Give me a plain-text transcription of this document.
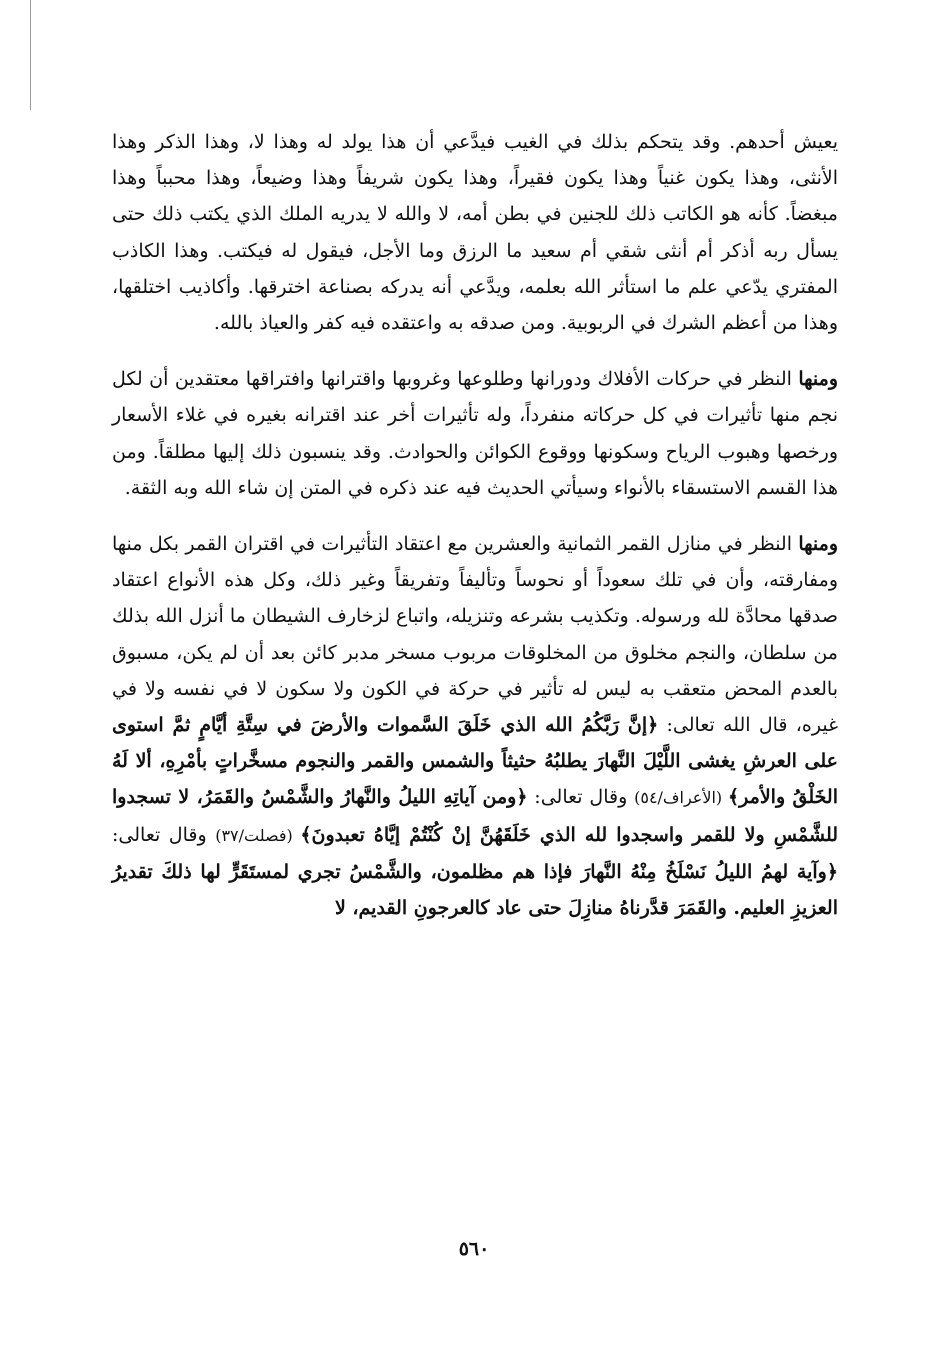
يعيش أحدهم. وقد يتحكم بذلك في الغيب فيدَّعي أن هذا يولد له وهذا لا، وهذا الذكر وهذا الأنثى، وهذا يكون غنياً وهذا يكون فقيراً، وهذا يكون شريفاً وهذا وضيعاً، وهذا محبباً وهذا مبغضاً. كأنه هو الكاتب ذلك للجنين في بطن أمه، لا والله لا يدريه الملك الذي يكتب ذلك حتى يسأل ربه أذكر أم أنثى شقي أم سعيد ما الرزق وما الأجل، فيقول له فيكتب. وهذا الكاذب المفتري يدّعي علم ما استأثر الله بعلمه، ويدَّعي أنه يدركه بصناعة اخترقها. وأكاذيب اختلقها، وهذا من أعظم الشرك في الربوبية. ومن صدقه به واعتقده فيه كفر والعياذ بالله.

ومنها النظر في حركات الأفلاك ودورانها وطلوعها وغروبها واقترانها وافتراقها معتقدين أن لكل نجم منها تأثيرات في كل حركاته منفرداً، وله تأثيرات أخر عند اقترانه بغيره في غلاء الأسعار ورخصها وهبوب الرياح وسكونها ووقوع الكوائن والحوادث. وقد ينسبون ذلك إليها مطلقاً. ومن هذا القسم الاستسقاء بالأنواء وسيأتي الحديث فيه عند ذكره في المتن إن شاء الله وبه الثقة.

ومنها النظر في منازل القمر الثمانية والعشرين مع اعتقاد التأثيرات في اقتران القمر بكل منها ومفارقته، وأن في تلك سعوداً أو نحوساً وتأليفاً وتفريقاً وغير ذلك، وكل هذه الأنواع اعتقاد صدقها محادَّة لله ورسوله. وتكذيب بشرعه وتنزيله، واتباع لزخارف الشيطان ما أنزل الله بذلك من سلطان، والنجم مخلوق من المخلوقات مربوب مسخر مدبر كائن بعد أن لم يكن، مسبوق بالعدم المحض متعقب به ليس له تأثير في حركة في الكون ولا سكون لا في نفسه ولا في غيره، قال الله تعالى: ﴿إنَّ رَبَّكُمُ الله الذي خَلَقَ السَّموات والأرضَ في سِتَّةِ أيَّامٍ ثمَّ استوى على العرشِ يغشى اللَّيْلَ النَّهارَ يطلبُهُ حثيثاً والشمس والقمر والنجوم مسخَّراتٍ بأمْرِهِ، ألا لَهُ الخَلْقُ والأمر﴾ (الأعراف/٥٤) وقال تعالى: ﴿ومن آياتِهِ الليلُ والنَّهارُ والشَّمْسُ والقَمَرُ، لا تسجدوا للشَّمْسِ ولا للقمر واسجدوا لله الذي خَلَقَهُنَّ إنْ كُنْتُمْ إيَّاهُ تعبدونَ﴾ (فصلت/٣٧) وقال تعالى: ﴿وآية لهمُ الليلُ نَسْلَخُ مِنْهُ النَّهارَ فإذا هم مظلمون، والشَّمْسُ تجري لمستَقَرٍّ لها ذلكَ تقديرُ العزيزِ العليم. والقَمَرَ قدَّرناهُ منازِلَ حتى عاد كالعرجونِ القديم، لا

٥٦٠
